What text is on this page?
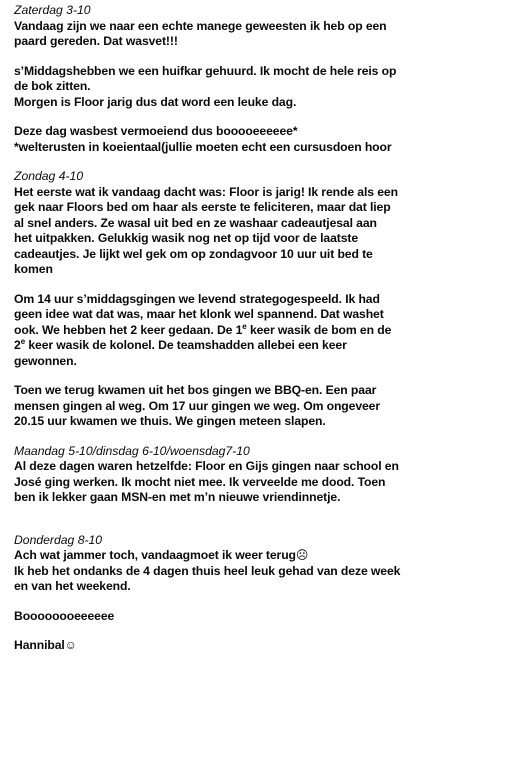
Zaterdag 3-10
Vandaag zijn we naar een echte manege geweesten ik heb op een
paard gereden. Dat wasvet!!!
s’Middagshebben we een huifkar gehuurd. Ik mocht de hele reis op
de bok zitten.
Morgen is Floor jarig dus dat word een leuke dag.
Deze dag wasbest vermoeiend dus booooeeeeee*
*welterusten in koeientaal(jullie moeten echt een cursusdoen hoor
Zondag 4-10
Het eerste wat ik vandaag dacht was: Floor is jarig! Ik rende als een
gek naar Floors bed om haar als eerste te feliciteren, maar dat liep
al snel anders. Ze wasal uit bed en ze washaar cadeautjesal aan
het uitpakken. Gelukkig wasik nog net op tijd voor de laatste
cadeautjes. Je lijkt wel gek om op zondagvoor 10 uur uit bed te
komen
Om 14 uur s’middagsgingen we levend strategogespeeld. Ik had
geen idee wat dat was, maar het klonk wel spannend. Dat washet
ook. We hebben het 2 keer gedaan. De 1e keer wasik de bom en de
2e keer wasik de kolonel. De teamshadden allebei een keer
gewonnen.
Toen we terug kwamen uit het bos gingen we BBQ-en. Een paar
mensen gingen al weg. Om 17 uur gingen we weg. Om ongeveer
20.15 uur kwamen we thuis. We gingen meteen slapen.
Maandag 5-10/dinsdag 6-10/woensdag7-10
Al deze dagen waren hetzelfde: Floor en Gijs gingen naar school en
José ging werken. Ik mocht niet mee. Ik verveelde me dood. Toen
ben ik lekker gaan MSN-en met m’n nieuwe vriendinnetje.
Donderdag 8-10
Ach wat jammer toch, vandaagmoet ik weer terug☹
Ik heb het ondanks de 4 dagen thuis heel leuk gehad van deze week
en van het weekend.
Boooooooeeeeee
Hannibal☺
